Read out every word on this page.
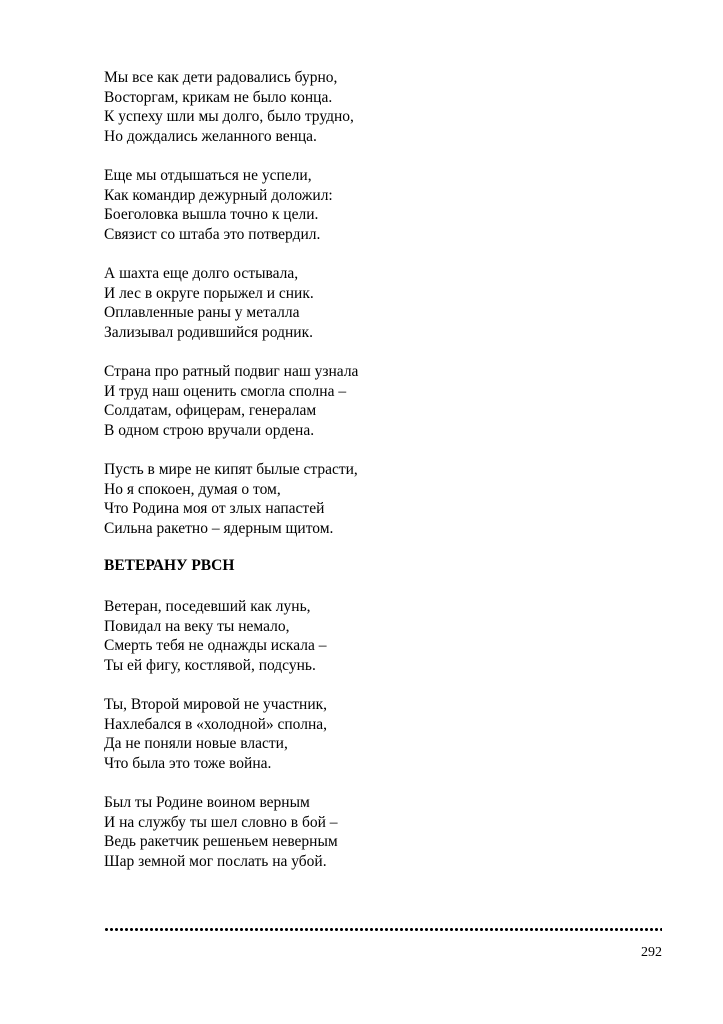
Мы все как дети радовались бурно,
Восторгам, крикам не было конца.
К успеху шли мы долго, было трудно,
Но дождались желанного венца.
Еще мы отдышаться не успели,
Как командир дежурный доложил:
Боеголовка вышла точно к цели.
Связист со штаба это потвердил.
А шахта еще долго остывала,
И лес в округе порыжел и сник.
Оплавленные раны у металла
Зализывал родившийся родник.
Страна про ратный подвиг наш узнала
И труд наш оценить смогла сполна –
Солдатам, офицерам, генералам
В одном строю вручали ордена.
Пусть в мире не кипят былые страсти,
Но я спокоен, думая о том,
Что Родина моя от злых напастей
Сильна ракетно – ядерным щитом.
ВЕТЕРАНУ РВСН
Ветеран, поседевший как лунь,
Повидал на веку ты немало,
Смерть тебя не однажды искала –
Ты ей фигу, костлявой, подсунь.
Ты, Второй мировой не участник,
Нахлебался в «холодной» сполна,
Да не поняли новые власти,
Что была это тоже война.
Был ты Родине воином верным
И на службу ты шел словно в бой –
Ведь ракетчик решеньем неверным
Шар земной мог послать на убой.
292
